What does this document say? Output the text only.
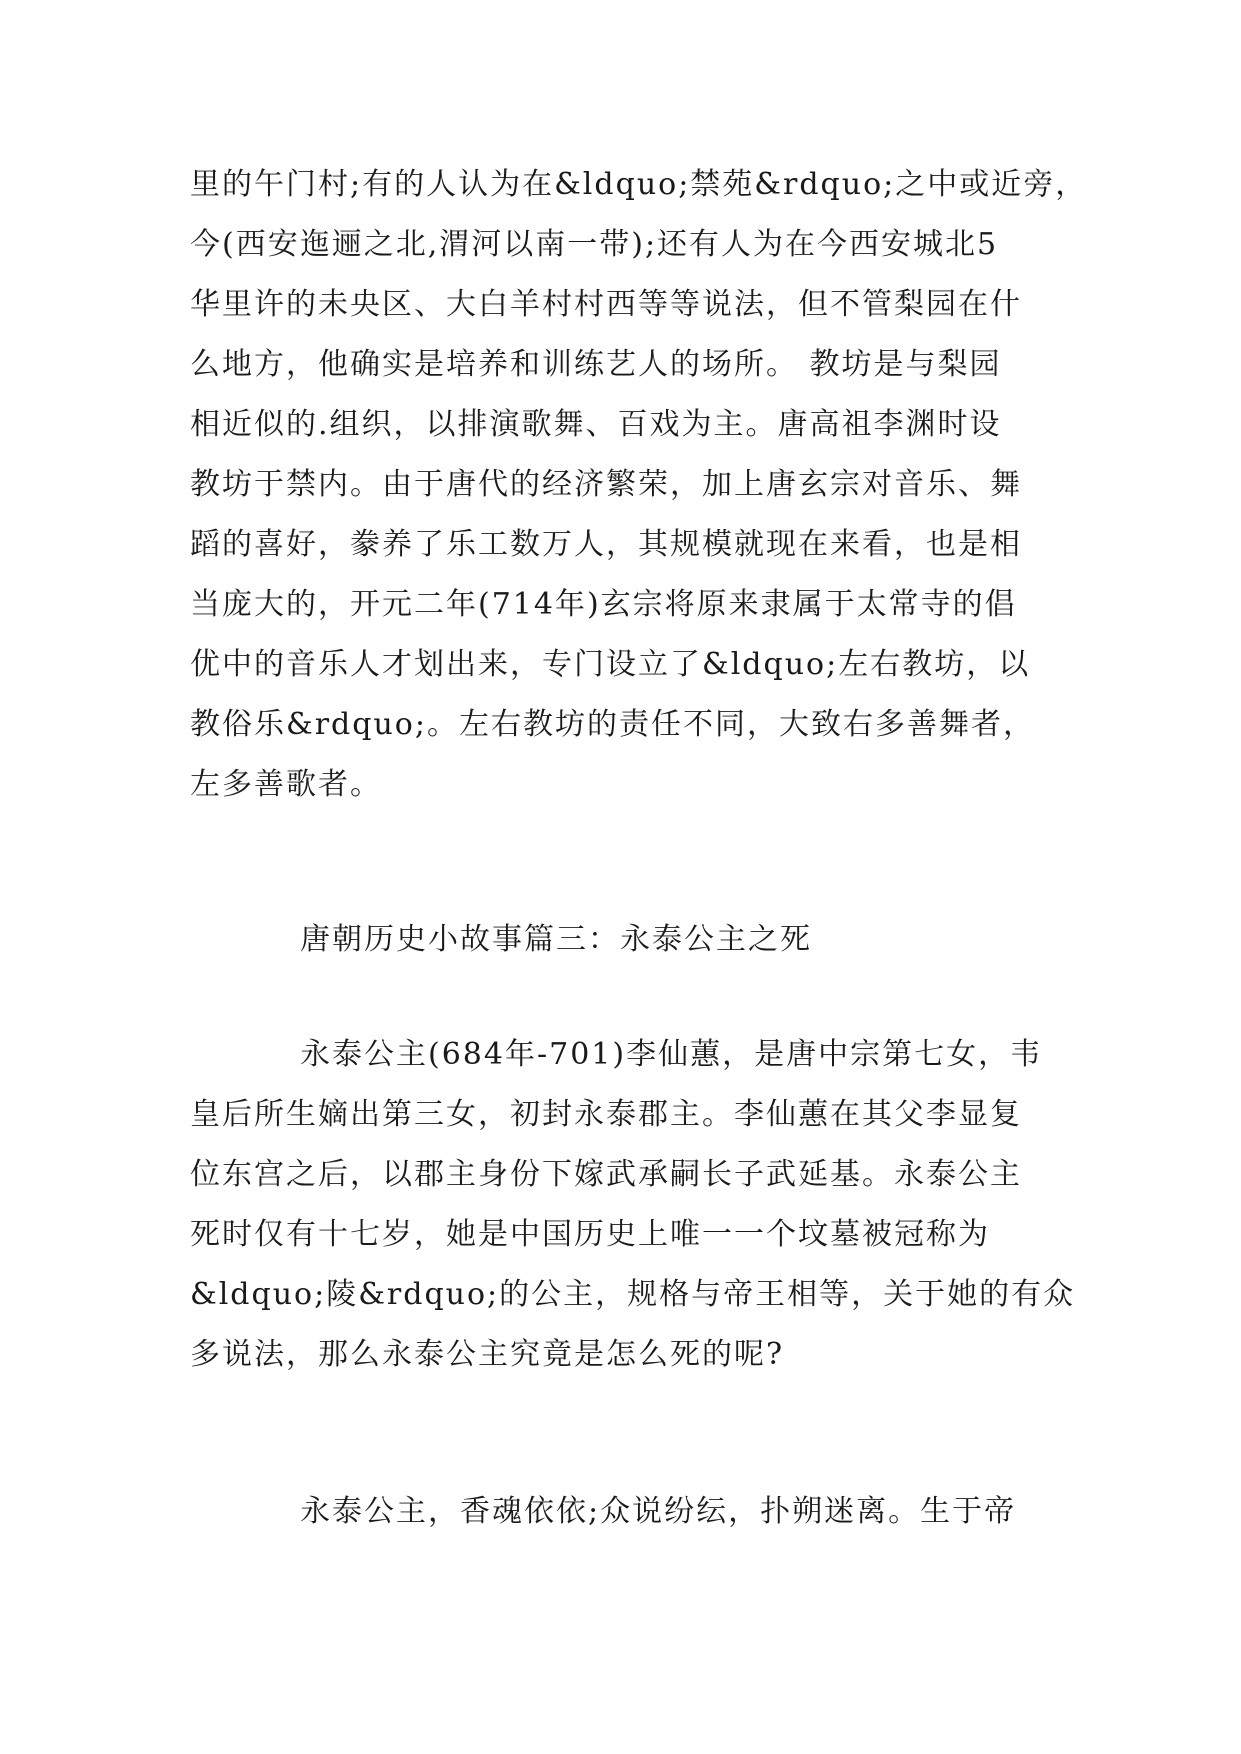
里的午门村;有的人认为在&ldquo;禁苑&rdquo;之中或近旁，
今(西安迤逦之北,渭河以南一带);还有人为在今西安城北5
华里许的未央区、大白羊村村西等等说法，但不管梨园在什
么地方，他确实是培养和训练艺人的场所。 教坊是与梨园
相近似的.组织，以排演歌舞、百戏为主。唐高祖李渊时设
教坊于禁内。由于唐代的经济繁荣，加上唐玄宗对音乐、舞
蹈的喜好，豢养了乐工数万人，其规模就现在来看，也是相
当庞大的，开元二年(714年)玄宗将原来隶属于太常寺的倡
优中的音乐人才划出来，专门设立了&ldquo;左右教坊，以
教俗乐&rdquo;。左右教坊的责任不同，大致右多善舞者，
左多善歌者。
唐朝历史小故事篇三：永泰公主之死
永泰公主(684年-701)李仙蕙，是唐中宗第七女，韦
皇后所生嫡出第三女，初封永泰郡主。李仙蕙在其父李显复
位东宫之后，以郡主身份下嫁武承嗣长子武延基。永泰公主
死时仅有十七岁，她是中国历史上唯一一个坟墓被冠称为
&ldquo;陵&rdquo;的公主，规格与帝王相等，关于她的有众
多说法，那么永泰公主究竟是怎么死的呢?
永泰公主，香魂依依;众说纷纭，扑朔迷离。生于帝
